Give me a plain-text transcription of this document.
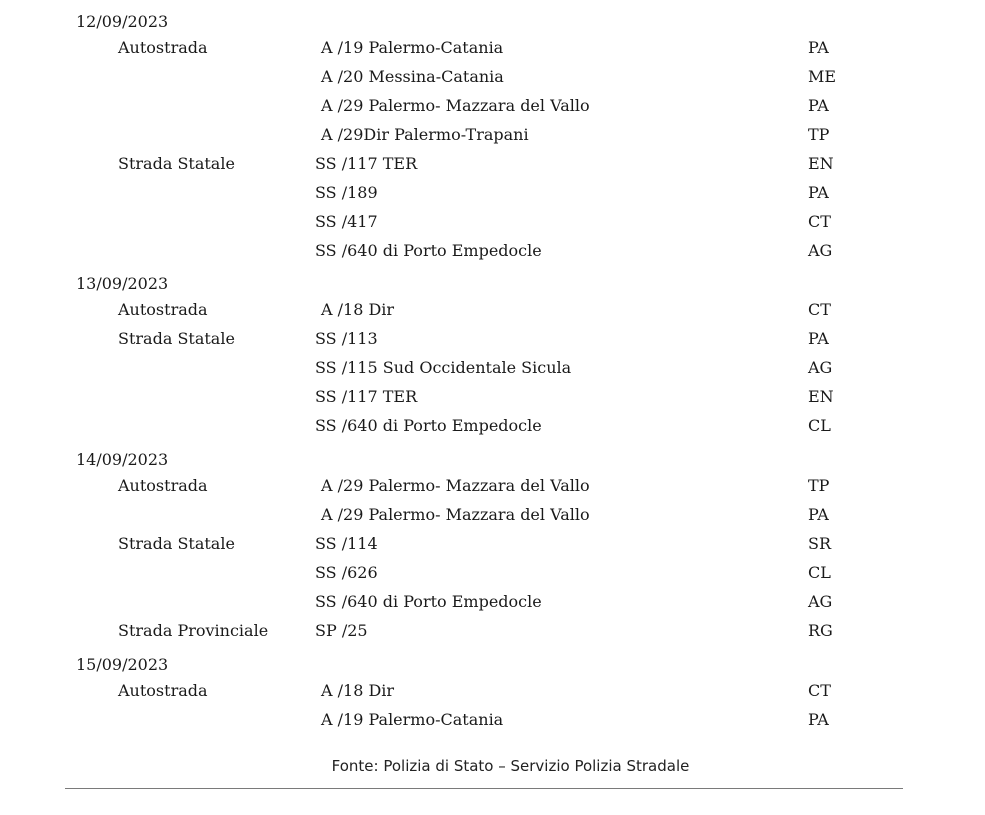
12/09/2023
Autostrada	A /19 Palermo-Catania	PA
A /20 Messina-Catania	ME
A /29 Palermo- Mazzara del Vallo	PA
A /29Dir Palermo-Trapani	TP
Strada Statale	SS /117 TER	EN
SS /189	PA
SS /417	CT
SS /640 di Porto Empedocle	AG
13/09/2023
Autostrada	A /18 Dir	CT
Strada Statale	SS /113	PA
SS /115 Sud Occidentale Sicula	AG
SS /117 TER	EN
SS /640 di Porto Empedocle	CL
14/09/2023
Autostrada	A /29 Palermo- Mazzara del Vallo	TP
A /29 Palermo- Mazzara del Vallo	PA
Strada Statale	SS /114	SR
SS /626	CL
SS /640 di Porto Empedocle	AG
Strada Provinciale	SP /25	RG
15/09/2023
Autostrada	A /18 Dir	CT
A /19 Palermo-Catania	PA
Fonte: Polizia di Stato – Servizio Polizia Stradale
